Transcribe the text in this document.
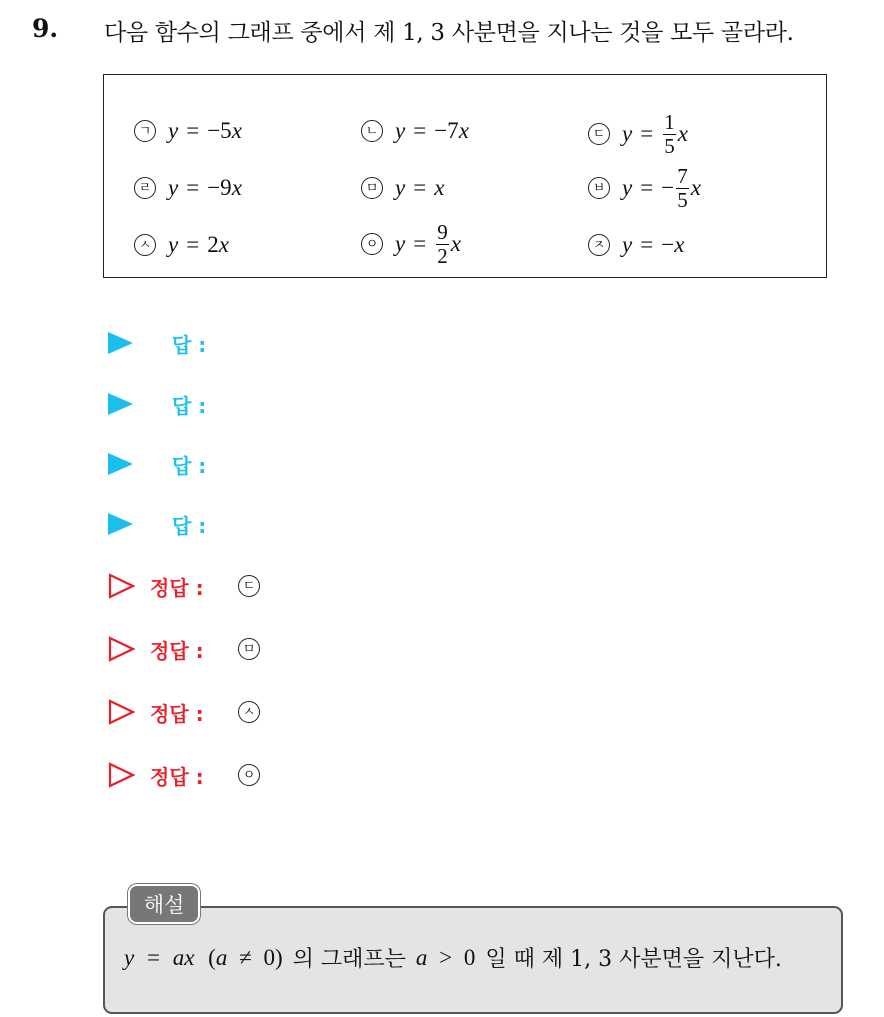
9. 다음 함수의 그래프 중에서 제 1, 3 사분면을 지나는 것을 모두 골라라.
ㄱ y = −5 x	ㄴ y = −7 x	ㄷ $y = \frac{1}{5}$ x
ㄹ y = −9 x	ㅁ y = x	ㅂ y = − $\frac{7}{5}$ x
ㅅ y = 2 x	ㅇ $y = \frac{9}{2}$ x	ㅈ y = − x
답 :
답 :
답 :
답 :
정답 :	ㄷ
정답 :	ㅁ
정답 :	ㅅ
정답 :	ㅇ
해설
y = ax (a ≠ 0) 의 그래프는 a > 0 일 때 제 1, 3 사분면을 지난다.
